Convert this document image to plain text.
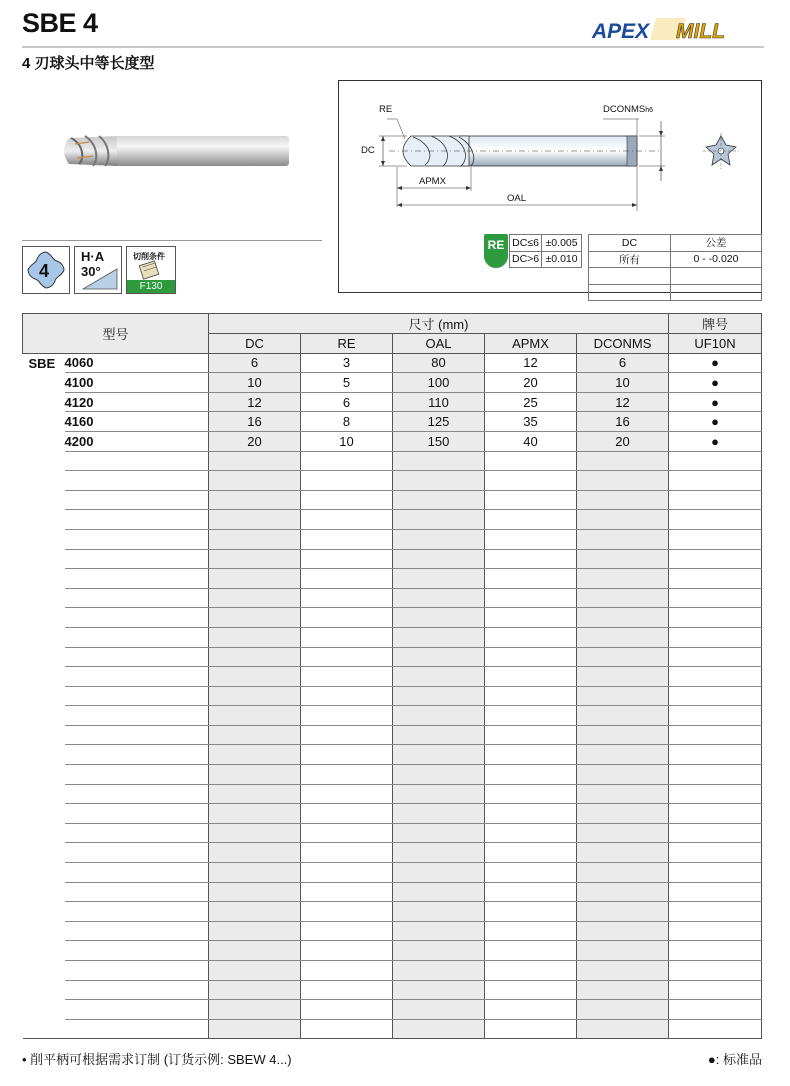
SBE 4
4 刃球头中等长度型
APEX MILL
4
H·A
30°
切削条件
F130
RE	DCONMSh6
DC
APMX
OAL
RE DC≤6	±0.005
DC>6	±0.010
DC	公差
所有	0 - -0.020

型号		尺寸 (mm)					牌号
		DC	RE	OAL	APMX	DCONMS	UF10N
SBE	4060	6	3	80	12	6	●
	4100	10	5	100	20	10	●
	4120	12	6	110	25	12	●
	4160	16	8	125	35	16	●
	4200	20	10	150	40	20	●

• 削平柄可根据需求订制 (订货示例: SBEW 4...)	●: 标准品
